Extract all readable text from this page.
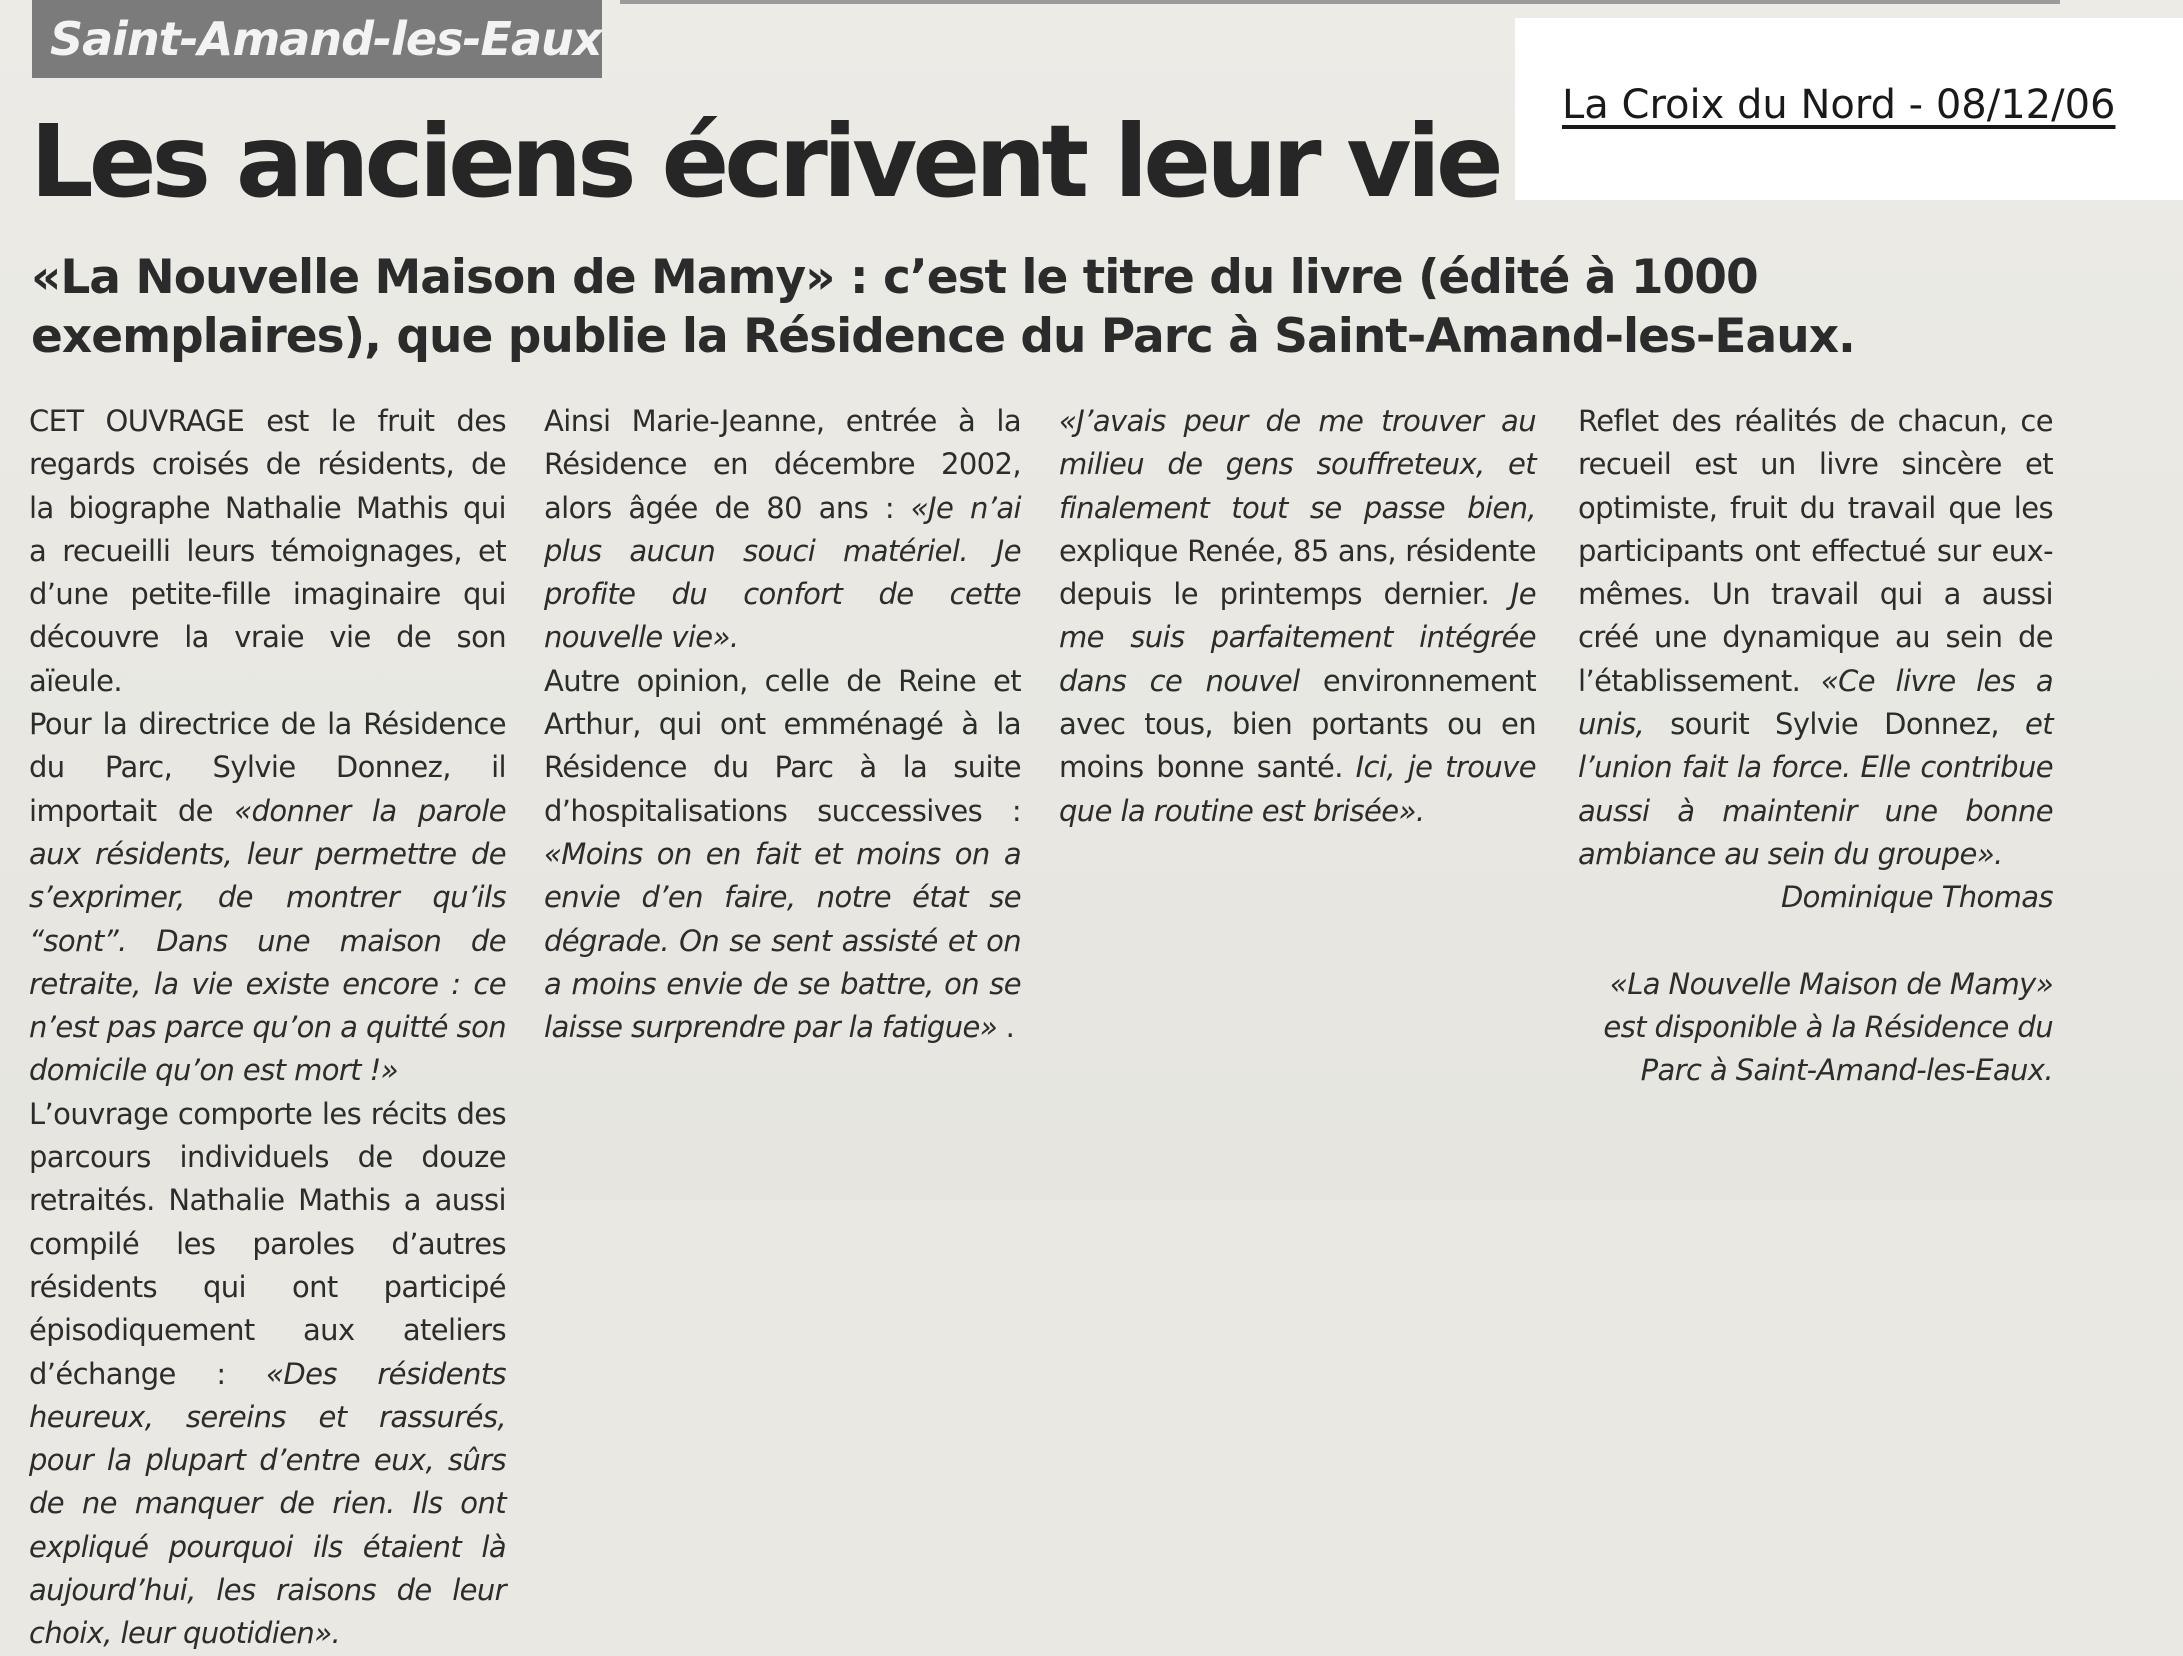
Saint-Amand-les-Eaux
La Croix du Nord - 08/12/06
Les anciens écrivent leur vie
«La Nouvelle Maison de Mamy» : c’est le titre du livre (édité à 1000 exemplaires), que publie la Résidence du Parc à Saint-Amand-les-Eaux.

CET OUVRAGE est le fruit des regards croisés de résidents, de la biographe Nathalie Mathis qui a recueilli leurs témoignages, et d’une petite-fille imaginaire qui découvre la vraie vie de son aïeule.

Pour la directrice de la Résidence du Parc, Sylvie Donnez, il importait de «donner la parole aux résidents, leur permettre de s’exprimer, de montrer qu’ils “sont”. Dans une maison de retraite, la vie existe encore : ce n’est pas parce qu’on a quitté son domicile qu’on est mort !»

L’ouvrage comporte les récits des parcours individuels de douze retraités. Nathalie Mathis a aussi compilé les paroles d’autres résidents qui ont participé épisodiquement aux ateliers d’échange : «Des résidents heureux, sereins et rassurés, pour la plupart d’entre eux, sûrs de ne manquer de rien. Ils ont expliqué pourquoi ils étaient là aujourd’hui, les raisons de leur choix, leur quotidien».

Ainsi Marie-Jeanne, entrée à la Résidence en décembre 2002, alors âgée de 80 ans : «Je n’ai plus aucun souci matériel. Je profite du confort de cette nouvelle vie».

Autre opinion, celle de Reine et Arthur, qui ont emménagé à la Résidence du Parc à la suite d’hospitalisations successives : «Moins on en fait et moins on a envie d’en faire, notre état se dégrade. On se sent assisté et on a moins envie de se battre, on se laisse surprendre par la fatigue» .

«J’avais peur de me trouver au milieu de gens souffreteux, et finalement tout se passe bien, explique Renée, 85 ans, résidente depuis le printemps dernier. Je me suis parfaitement intégrée dans ce nouvel environnement avec tous, bien portants ou en moins bonne santé. Ici, je trouve que la routine est brisée».

Reflet des réalités de chacun, ce recueil est un livre sincère et optimiste, fruit du travail que les participants ont effectué sur eux-mêmes. Un travail qui a aussi créé une dynamique au sein de l’établissement. «Ce livre les a unis, sourit Sylvie Donnez, et l’union fait la force. Elle contribue aussi à maintenir une bonne ambiance au sein du groupe».

Dominique Thomas

«La Nouvelle Maison de Mamy» est disponible à la Résidence du Parc à Saint-Amand-les-Eaux.
